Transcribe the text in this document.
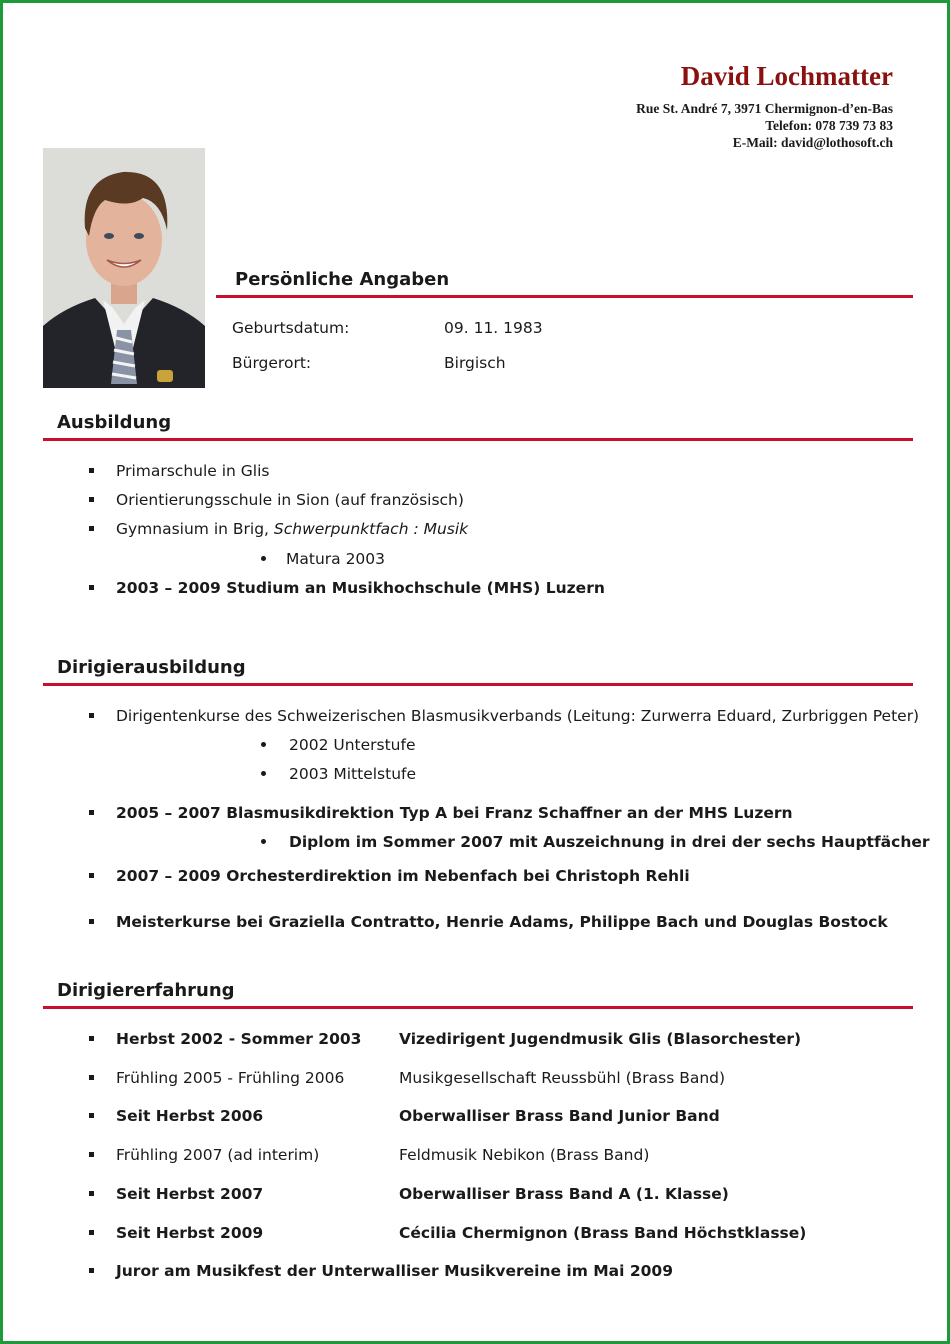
David Lochmatter
Rue St. André 7, 3971 Chermignon-d’en-Bas
Telefon: 078 739 73 83
E-Mail: david@lothosoft.ch
Persönliche Angaben
Geburtsdatum:	09. 11. 1983
Bürgerort:	Birgisch
Ausbildung
Primarschule in Glis
Orientierungsschule in Sion (auf französisch)
Gymnasium in Brig, Schwerpunktfach : Musik
Matura 2003
2003 – 2009 Studium an Musikhochschule (MHS) Luzern
Dirigierausbildung
Dirigentenkurse des Schweizerischen Blasmusikverbands (Leitung: Zurwerra Eduard, Zurbriggen Peter)
2002 Unterstufe
2003 Mittelstufe
2005 – 2007 Blasmusikdirektion Typ A bei Franz Schaffner an der MHS Luzern
Diplom im Sommer 2007 mit Auszeichnung in drei der sechs Hauptfächer
2007 – 2009 Orchesterdirektion im Nebenfach bei Christoph Rehli
Meisterkurse bei Graziella Contratto, Henrie Adams, Philippe Bach und Douglas Bostock
Dirigiererfahrung
Herbst 2002 - Sommer 2003 Vizedirigent Jugendmusik Glis (Blasorchester)
Frühling 2005 - Frühling 2006	Musikgesellschaft Reussbühl (Brass Band)
Seit Herbst 2006	Oberwalliser Brass Band Junior Band
Frühling 2007 (ad interim)	Feldmusik Nebikon (Brass Band)
Seit Herbst 2007	Oberwalliser Brass Band A (1. Klasse)
Seit Herbst 2009	Cécilia Chermignon (Brass Band Höchstklasse)
Juror am Musikfest der Unterwalliser Musikvereine im Mai 2009
